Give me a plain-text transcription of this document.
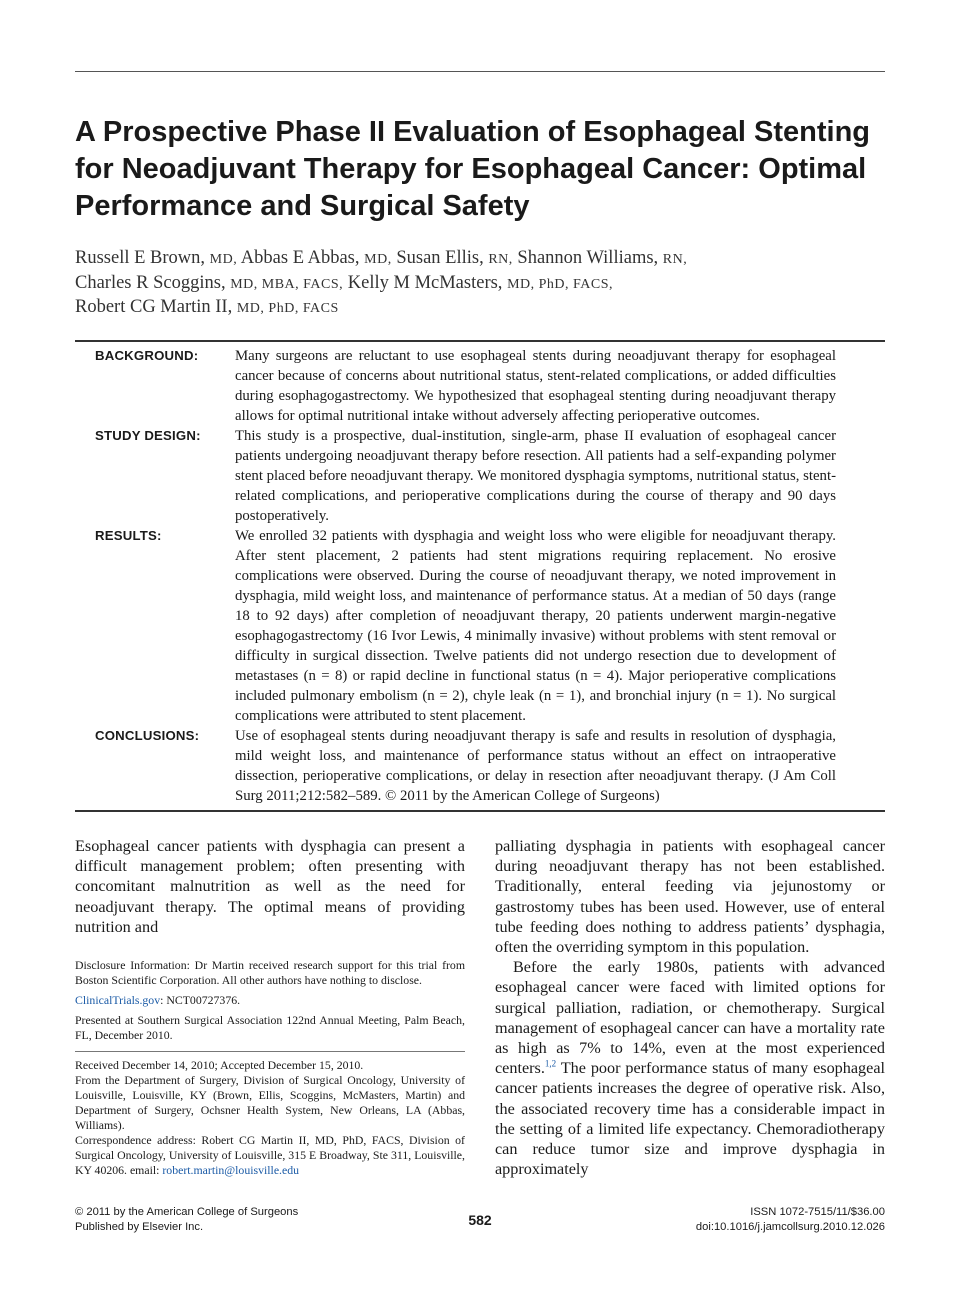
A Prospective Phase II Evaluation of Esophageal Stenting for Neoadjuvant Therapy for Esophageal Cancer: Optimal Performance and Surgical Safety
Russell E Brown, MD, Abbas E Abbas, MD, Susan Ellis, RN, Shannon Williams, RN,
Charles R Scoggins, MD, MBA, FACS, Kelly M McMasters, MD, PhD, FACS,
Robert CG Martin II, MD, PhD, FACS
BACKGROUND:	Many surgeons are reluctant to use esophageal stents during neoadjuvant therapy for esophageal cancer because of concerns about nutritional status, stent-related complications, or added difficulties during esophagogastrectomy. We hypothesized that esophageal stenting during neoadjuvant therapy allows for optimal nutritional intake without adversely affecting perioperative outcomes.
STUDY DESIGN:	This study is a prospective, dual-institution, single-arm, phase II evaluation of esophageal cancer patients undergoing neoadjuvant therapy before resection. All patients had a self-expanding polymer stent placed before neoadjuvant therapy. We monitored dysphagia symptoms, nutritional status, stent-related complications, and perioperative complications during the course of therapy and 90 days postoperatively.
RESULTS:	We enrolled 32 patients with dysphagia and weight loss who were eligible for neoadjuvant therapy. After stent placement, 2 patients had stent migrations requiring replacement. No erosive complications were observed. During the course of neoadjuvant therapy, we noted improvement in dysphagia, mild weight loss, and maintenance of performance status. At a median of 50 days (range 18 to 92 days) after completion of neoadjuvant therapy, 20 patients underwent margin-negative esophagogastrectomy (16 Ivor Lewis, 4 minimally invasive) without problems with stent removal or difficulty in surgical dissection. Twelve patients did not undergo resection due to development of metastases (n = 8) or rapid decline in functional status (n = 4). Major perioperative complications included pulmonary embolism (n = 2), chyle leak (n = 1), and bronchial injury (n = 1). No surgical complications were attributed to stent placement.
CONCLUSIONS:	Use of esophageal stents during neoadjuvant therapy is safe and results in resolution of dysphagia, mild weight loss, and maintenance of performance status without an effect on intraoperative dissection, perioperative complications, or delay in resection after neoadjuvant therapy. (J Am Coll Surg 2011;212:582–589. © 2011 by the American College of Surgeons)

Esophageal cancer patients with dysphagia can present a difficult management problem; often presenting with concomitant malnutrition as well as the need for neoadjuvant therapy. The optimal means of providing nutrition and

Disclosure Information: Dr Martin received research support for this trial from Boston Scientific Corporation. All other authors have nothing to disclose.

ClinicalTrials.gov: NCT00727376.

Presented at Southern Surgical Association 122nd Annual Meeting, Palm Beach, FL, December 2010.

Received December 14, 2010; Accepted December 15, 2010.

From the Department of Surgery, Division of Surgical Oncology, University of Louisville, Louisville, KY (Brown, Ellis, Scoggins, McMasters, Martin) and Department of Surgery, Ochsner Health System, New Orleans, LA (Abbas, Williams).

Correspondence address: Robert CG Martin II, MD, PhD, FACS, Division of Surgical Oncology, University of Louisville, 315 E Broadway, Ste 311, Louisville, KY 40206. email: robert.martin@louisville.edu

palliating dysphagia in patients with esophageal cancer during neoadjuvant therapy has not been established. Traditionally, enteral feeding via jejunostomy or gastrostomy tubes has been used. However, use of enteral tube feeding does nothing to address patients’ dysphagia, often the overriding symptom in this population.

Before the early 1980s, patients with advanced esophageal cancer were faced with limited options for surgical palliation, radiation, or chemotherapy. Surgical management of esophageal cancer can have a mortality rate as high as 7% to 14%, even at the most experienced centers.$^{1,2}$ The poor performance status of many esophageal cancer patients increases the degree of operative risk. Also, the associated recovery time has a considerable impact in the setting of a limited life expectancy. Chemoradiotherapy can reduce tumor size and improve dysphagia in approximately

© 2011 by the American College of Surgeons
Published by Elsevier Inc.	582	ISSN 1072-7515/11/$36.00
doi:10.1016/j.jamcollsurg.2010.12.026
